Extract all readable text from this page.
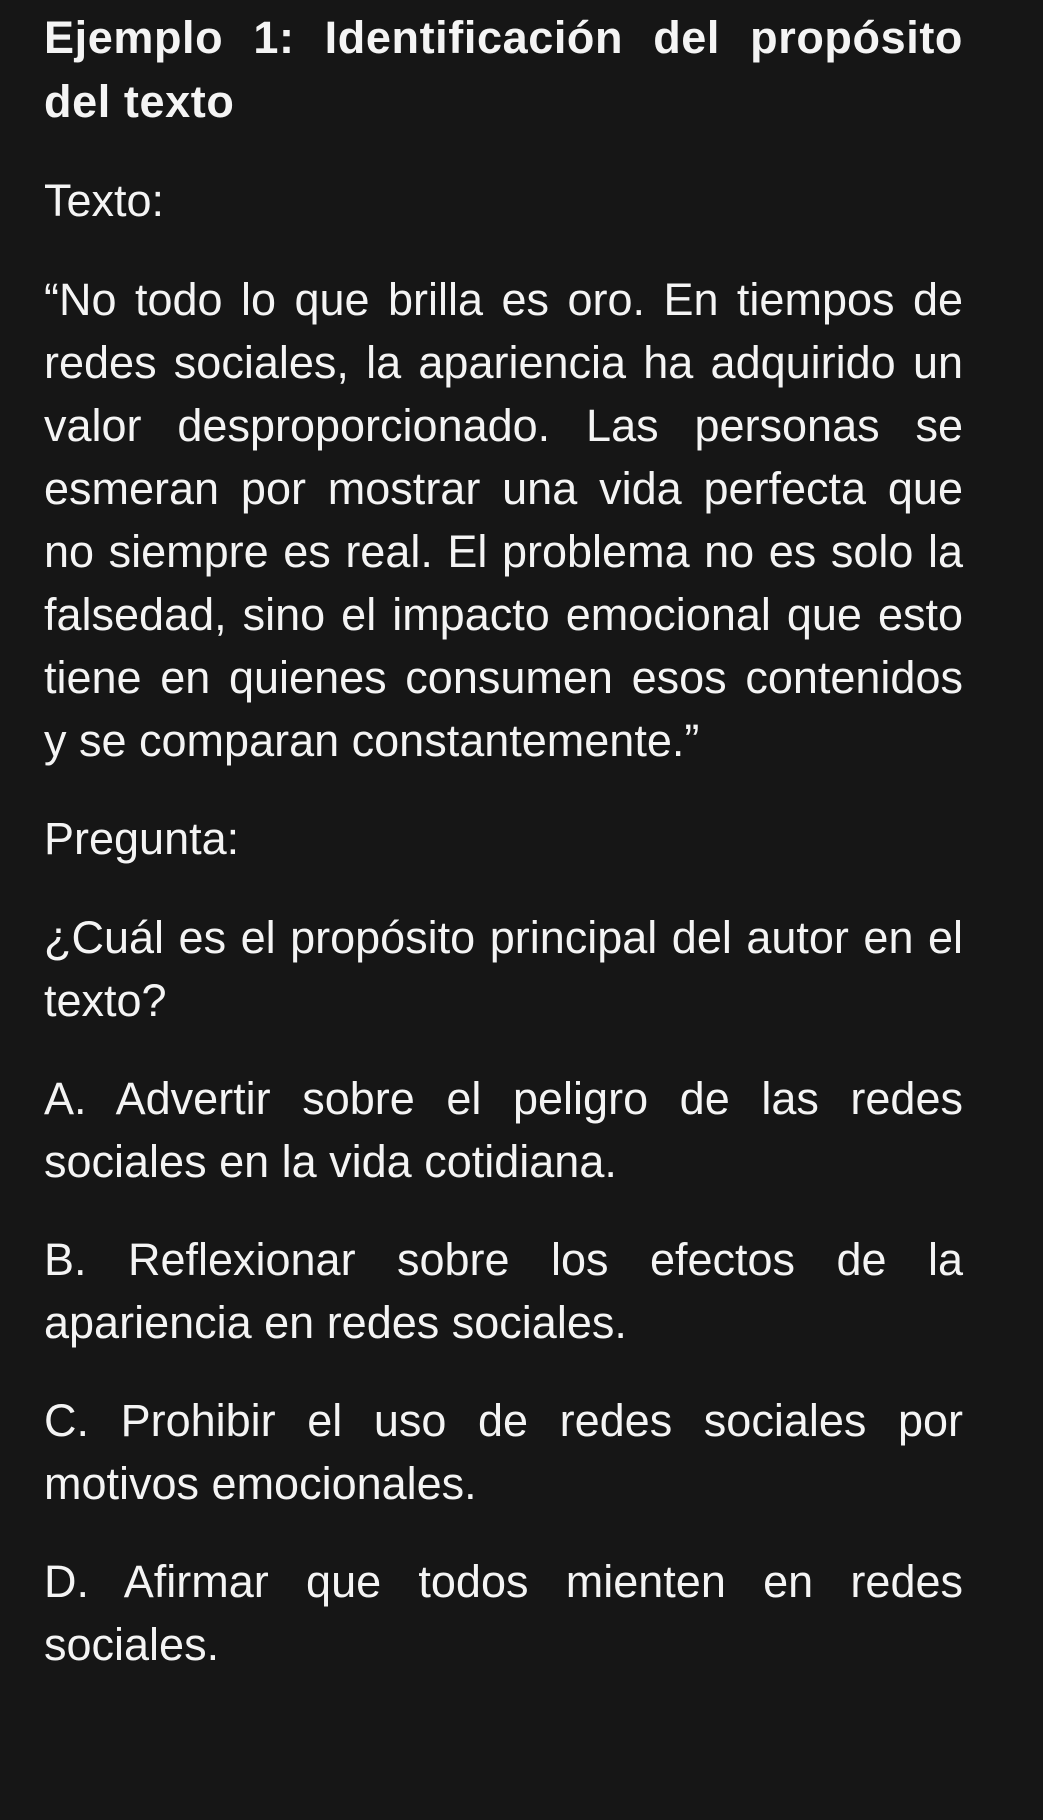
Ejemplo 1: Identificación del propósito del texto

Texto:

“No todo lo que brilla es oro. En tiempos de redes sociales, la apariencia ha adquirido un valor desproporcionado. Las personas se esmeran por mostrar una vida perfecta que no siempre es real. El problema no es solo la falsedad, sino el impacto emocional que esto tiene en quienes consumen esos contenidos y se comparan constantemente.”

Pregunta:

¿Cuál es el propósito principal del autor en el texto?

A. Advertir sobre el peligro de las redes sociales en la vida cotidiana.

B. Reflexionar sobre los efectos de la apariencia en redes sociales.

C. Prohibir el uso de redes sociales por motivos emocionales.

D. Afirmar que todos mienten en redes sociales.
